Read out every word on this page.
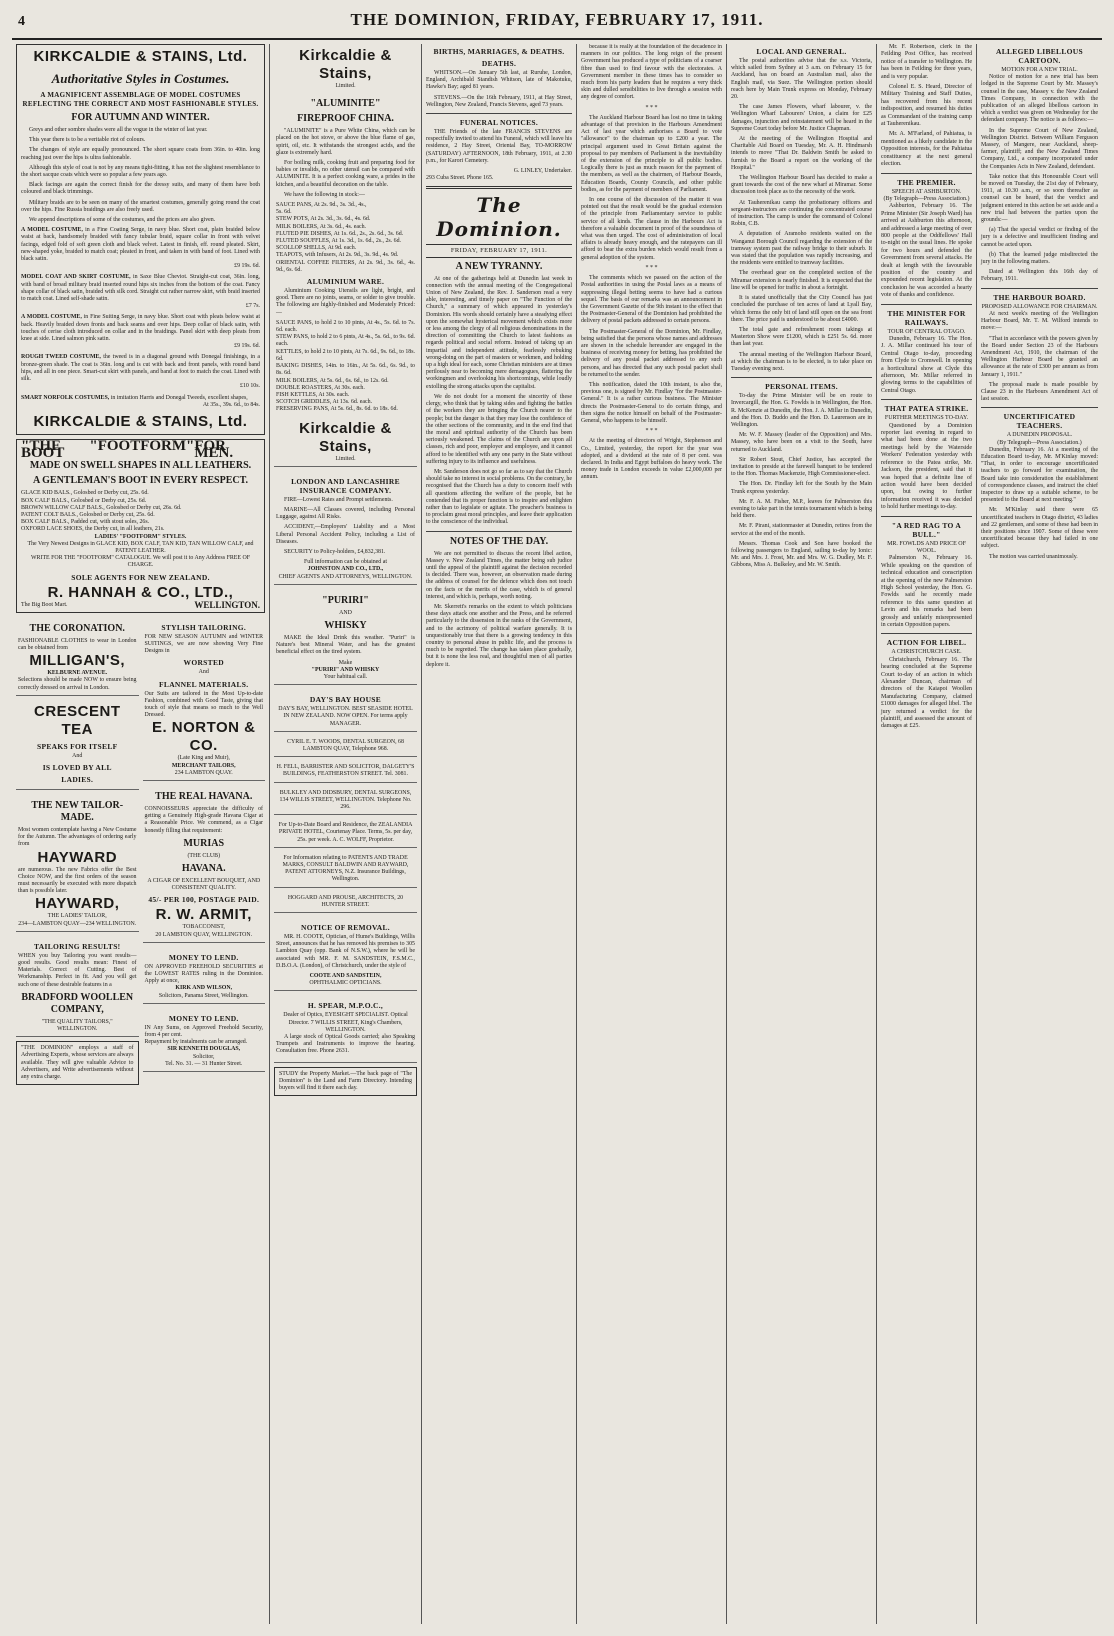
4	THE DOMINION, FRIDAY, FEBRUARY 17, 1911.
KIRKCALDIE & STAINS, Ltd.
Authoritative Styles in Costumes.
A MAGNIFICENT ASSEMBLAGE OF MODEL COSTUMES REFLECTING THE CORRECT AND MOST FASHIONABLE STYLES.
FOR AUTUMN AND WINTER.
Greys and other sombre shades were all the vogue in the winter of last year.
This year there is to be a veritable riot of colours.
The changes of style are equally pronounced. The short square coats from 36in. to 40in. long reaching just over the hips is ultra fashionable.
Although this style of coat is not by any means tight-fitting, it has not the slightest resemblance to the short sacque coats which were so popular a few years ago.
Black facings are again the correct finish for the dressy suits, and many of them have both coloured and black trimmings.
Military braids are to be seen on many of the smartest costumes, generally going round the coat over the hips. Fine Russia braidings are also freely used.
We append descriptions of some of the costumes, and the prices are also given.
A MODEL COSTUME, in a Fine Coating Serge, in navy blue. Short coat, plain braided below waist at back, handsomely braided with fancy tubular braid, square collar in front with velvet facings, edged fold of soft green cloth and black velvet. Latest in finish, eff. round pleated. Skirt, new-shaped yoke, braided to match coat; pleated in front, and taken in with band of foot. Lined with black satin.
£9 19s. 6d.
MODEL COAT AND SKIRT COSTUME, in Saxe Blue Cheviot. Straight-cut coat, 36in. long, with band of broad military braid inserted round hips six inches from the bottom of the coat. Fancy shape collar of black satin, braided with silk cord. Straight cut rather narrow skirt, with braid inserted to match coat. Lined self-shade satin.
£7 7s.
A MODEL COSTUME, in Fine Suiting Serge, in navy blue. Short coat with pleats below waist at back. Heavily braided down fronts and back seams and over hips. Deep collar of black satin, with touches of cerise cloth introduced on collar and in the braidings. Panel skirt with deep pleats from knee at side. Lined salmon pink satin.
£9 19s. 6d.
ROUGH TWEED COSTUME, the tweed is in a diagonal ground with Donegal finishings, in a bronze-green shade. The coat is 36in. long and is cut with back and front panels, with round band hips, and all in one piece. Smart-cut skirt with panels, and band at foot to match the coat. Lined with silk.
£10 10s.
SMART NORFOLK COSTUMES, in imitation Harris and Donegal Tweeds, excellent shapes,
At 35s., 39s. 6d., to 84s.
KIRKCALDIE & STAINS, Ltd.
"THE "FOOTFORM" BOOT	FOR MEN.
MADE ON SWELL SHAPES IN ALL LEATHERS.
A GENTLEMAN'S BOOT IN EVERY RESPECT.
GLACE KID BALS., Golosbed or Derby cut, 25s. 6d.
BOX CALF BALS., Golosbed or Derby cut, 25s. 6d.
BROWN WILLOW CALF BALS., Golosbed or Derby cut, 26s. 6d.
PATENT COLT BALS., Golosbed or Derby cut, 25s. 6d.
BOX CALF BALS., Padded cut, with stout soles, 26s.
OXFORD LACE SHOES, the Derby cut, in all leathers, 21s.
LADIES' "FOOTFORM" STYLES.
The Very Newest Designs in GLACE KID, BOX CALF, TAN KID, TAN WILLOW CALF, and PATENT LEATHER.
WRITE FOR THE "FOOTFORM" CATALOGUE. We will post it to Any Address FREE OF CHARGE.
SOLE AGENTS FOR NEW ZEALAND.
R. HANNAH & CO., LTD.,
The Big Boot Mart.	WELLINGTON.
THE CORONATION.
FASHIONABLE CLOTHES to wear in London can be obtained from
MILLIGAN'S,
KELBURNE AVENUE.
Selections should be made NOW to ensure being correctly dressed on arrival in London.
CRESCENT TEA
SPEAKS FOR ITSELF
And
IS LOVED BY ALL
LADIES.
THE NEW TAILOR-MADE.
Most women contemplate having a New Costume for the Autumn. The advantages of ordering early from
HAYWARD
are numerous. The new Fabrics offer the Best Choice NOW, and the first orders of the season must necessarily be executed with more dispatch than is possible later.
HAYWARD,
THE LADIES' TAILOR,
234—LAMBTON QUAY—234 WELLINGTON.
TAILORING RESULTS!
WHEN you buy Tailoring you want results—good results. Good results mean: Finest of Materials. Correct of Cutting. Best of Workmanship. Perfect in fit. And you will get such one of these desirable features in a
BRADFORD WOOLLEN COMPANY,
"THE QUALITY TAILORS,"
WELLINGTON.
"THE DOMINION" employs a staff of Advertising Experts, whose services are always available. They will give valuable Advice to Advertisers, and Write advertisements without any extra charge.
STYLISH TAILORING.
FOR NEW SEASON AUTUMN and WINTER SUITINGS, we are now showing Very Fine Designs in
WORSTED
And
FLANNEL MATERIALS.
Our Suits are tailored in the Most Up-to-date Fashion, combined with Good Taste, giving that touch of style that means so much to the Well Dressed.
E. NORTON & CO.
(Late King and Muir),
MERCHANT TAILORS,
234 LAMBTON QUAY.
THE REAL HAVANA.
CONNOISSEURS appreciate the difficulty of getting a Genuinely High-grade Havana Cigar at a Reasonable Price. We commend, as a Cigar honestly filling that requirement:
MURIAS
(THE CLUB)
HAVANA.
A CIGAR OF EXCELLENT BOUQUET, AND CONSISTENT QUALITY.
45/- PER 100, POSTAGE PAID.
R. W. ARMIT,
TOBACCONIST,
20 LAMBTON QUAY, WELLINGTON.
MONEY TO LEND.
ON APPROVED FREEHOLD SECURITIES at the LOWEST RATES ruling in the Dominion. Apply at once,
KIRK AND WILSON,
Solicitors, Panama Street, Wellington.
MONEY TO LEND.
IN Any Sums, on Approved Freehold Security, from 4 per cent.
Repayment by instalments can be arranged.
SIR KENNETH DOUGLAS,
Solicitor,
Tel. No. 31. — 31 Hunter Street.
Kirkcaldie & Stains,
Limited.
"ALUMINITE"
FIREPROOF CHINA.
"ALUMINITE" is a Pure White China, which can be placed on the hot stove, or above the blue flame of gas, spirit, oil, etc. It withstands the strongest acids, and the glaze is extremely hard.
For boiling milk, cooking fruit and preparing food for babies or invalids, no other utensil can be compared with ALUMINITE. It is a perfect cooking ware, a prides in the kitchen, and a beautiful decoration on the table.
We have the following in stock:—
SAUCE PANS, At 2s. 9d., 3s. 3d., 4s.,
5s. 6d.
STEW POTS, At 2s. 3d., 3s. 6d., 4s. 6d.
MILK BOILERS, At 3s. 6d., 4s. each.
FLUTED PIE DISHES, At 1s. 6d., 2s., 2s. 6d., 3s. 6d.
FLUTED SOUFFLES, At 1s. 3d., 1s. 6d., 2s., 2s. 6d.
SCOLLOP SHELLS, At 9d. each.
TEAPOTS, with Infusers, At 2s. 9d., 3s. 9d., 4s. 9d.
ORIENTAL COFFEE FILTERS, At 2s. 9d., 3s. 6d., 4s. 9d., 6s. 6d.
ALUMINIUM WARE.
Aluminium Cooking Utensils are light, bright, and good. There are no joints, seams, or solder to give trouble. The following are highly-finished and Moderately Priced:—
SAUCE PANS, to hold 2 to 10 pints, At 4s., 5s. 6d. to 7s. 6d. each.
STEW PANS, to hold 2 to 6 pints, At 4s., 5s. 6d., to 9s. 6d. each.
KETTLES, to hold 2 to 10 pints, At 7s. 6d., 9s. 6d., to 18s. 6d.
BAKING DISHES, 14in. to 16in., At 5s. 6d., 6s. 9d., to 8s. 6d.
MILK BOILERS, At 5s. 6d., 6s. 6d., to 12s. 6d.
DOUBLE ROASTERS, At 30s. each.
FISH KETTLES, At 30s. each.
SCOTCH GRIDDLES, At 13s. 6d. each.
FRESERVING PANS, At 5s. 6d., 8s. 6d. to 18s. 6d.
Kirkcaldie & Stains,
Limited.
LONDON AND LANCASHIRE INSURANCE COMPANY.
FIRE—Lowest Rates and Prompt settlements.
MARINE—All Classes covered, including Personal Luggage, against All Risks.
ACCIDENT,—Employers' Liability and a Most Liberal Personal Accident Policy, including a List of Diseases.
SECURITY to Policy-holders, £4,832,381.
Full information can be obtained at
JOHNSTON AND CO., LTD.,
CHIEF AGENTS AND ATTORNEYS, WELLINGTON.
"PURIRI"
AND
WHISKY
MAKE the Ideal Drink this weather. "Puriri" is Nature's best Mineral Water, and has the greatest beneficial effect on the tired system.
Make
"PURIRI" AND WHISKY
Your habitual call.
DAY'S BAY HOUSE
DAY'S BAY, WELLINGTON. BEST SEASIDE HOTEL IN NEW ZEALAND. NOW OPEN. For terms apply MANAGER.
CYRIL E. T. WOODS, DENTAL SURGEON, 68 LAMBTON QUAY, Telephone 968.
H. FELL, BARRISTER AND SOLICITOR, DALGETY'S BUILDINGS, FEATHERSTON STREET. Tel. 3081.
BULKLEY AND DIDSBURY, DENTAL SURGEONS, 134 WILLIS STREET, WELLINGTON. Telephone No. 296.
For Up-to-Date Board and Residence, the ZEALANDIA PRIVATE HOTEL, Courtenay Place. Terms, 5s. per day, 25s. per week. A. C. WOLFF, Proprietor.
For Information relating to PATENTS AND TRADE MARKS, CONSULT BALDWIN AND RAYWARD, PATENT ATTORNEYS, N.Z. Insurance Buildings, Wellington.
HOGGARD AND PROUSE, ARCHITECTS, 20 HUNTER STREET.
NOTICE OF REMOVAL.
MR. H. COOTE, Optician, of Hume's Buildings, Willis Street, announces that he has removed his premises to 305 Lambton Quay (opp. Bank of N.S.W.), where he will be associated with MR. F. M. SANDSTEIN, F.S.M.C., D.B.O.A. (London), of Christchurch, under the style of
COOTE AND SANDSTEIN,
OPHTHALMIC OPTICIANS.
H. SPEAR, M.P.O.C.,
Dealer of Optics, EYESIGHT SPECIALIST. Optical Director. 7 WILLIS STREET, King's Chambers, WELLINGTON.
A large stock of Optical Goods carried; also Speaking Trumpets and Instruments to improve the hearing. Consultation free. Phone 2631.
STUDY the Property Market.—The back page of "The Dominion" is the Land and Farm Directory. Intending buyers will find it there each day.
BIRTHS, MARRIAGES, & DEATHS.
DEATHS.
WHITSON.—On January 5th last, at Ruruhe, London, England, Archibald Standish Whitson, late of Makotuku, Hawke's Bay; aged 81 years.
STEVENS.—On the 16th February, 1911, at Hay Street, Wellington, New Zealand, Francis Stevens, aged 73 years.
FUNERAL NOTICES.
THE Friends of the late FRANCIS STEVENS are respectfully invited to attend his Funeral, which will leave his residence, 2 Hay Street, Oriental Bay, TO-MORROW (SATURDAY) AFTERNOON, 18th February, 1911, at 2.30 p.m., for Karori Cemetery.
G. LINLEY, Undertaker.
293 Cuba Street. Phone 165.
The Dominion.
FRIDAY, FEBRUARY 17, 1911.
A NEW TYRANNY.
At one of the gatherings held at Dunedin last week in connection with the annual meeting of the Congregational Union of New Zealand, the Rev. J. Sanderson read a very able, interesting, and timely paper on "The Function of the Church," a summary of which appeared in yesterday's Dominion. His words should certainly have a steadying effect upon the somewhat hysterical movement which exists more or less among the clergy of all religious denominations in the direction of committing the Church to latest fashions as regards political and social reform. Instead of taking up an impartial and independent attitude, fearlessly rebuking wrong-doing on the part of masters or workmen, and holding up a high ideal for each, some Christian ministers are at times perilously near to becoming mere demagogues, flattering the workingmen and overlooking his shortcomings, while loudly extolling the strong attacks upon the capitalist.
We do not doubt for a moment the sincerity of these clergy, who think that by taking sides and fighting the battles of the workers they are bringing the Church nearer to the people; but the danger is that they may lose the confidence of the other sections of the community, and in the end find that the moral and spiritual authority of the Church has been seriously weakened. The claims of the Church are upon all classes, rich and poor, employer and employee, and it cannot afford to be identified with any one party in the State without suffering injury to its influence and usefulness.
Mr. Sanderson does not go so far as to say that the Church should take no interest in social problems. On the contrary, he recognised that the Church has a duty to concern itself with all questions affecting the welfare of the people, but he contended that its proper function is to inspire and enlighten rather than to legislate or agitate. The preacher's business is to proclaim great moral principles, and leave their application to the conscience of the individual.
NOTES OF THE DAY.
We are not permitted to discuss the recent libel action, Massey v. New Zealand Times, the matter being sub judice until the appeal of the plaintiff against the decision recorded is decided. There was, however, an observation made during the address of counsel for the defence which does not touch on the facts or the merits of the case, which is of general interest, and which is, perhaps, worth noting.
Mr. Skerrett's remarks on the extent to which politicians these days attack one another and the Press, and he referred particularly to the dissension in the ranks of the Government, and to the acrimony of political warfare generally. It is unquestionably true that there is a growing tendency in this country to personal abuse in public life, and the process is much to be regretted. The change has taken place gradually, but it is none the less real, and thoughtful men of all parties deplore it.
because it is really at the foundation of the decadence in manners in our politics. The long reign of the present Government has produced a type of politicians of a coarser fibre than used to find favour with the electorates. A Government member in these times has to consider so much from his party leaders that he requires a very thick skin and dulled sensibilities to live through a session with any degree of comfort.
* * *
The Auckland Harbour Board has lost no time in taking advantage of that provision in the Harbours Amendment Act of last year which authorises a Board to vote "allowance" to the chairman up to £200 a year. The principal argument used in Great Britain against the proposal to pay members of Parliament is the inevitability of the extension of the principle to all public bodies. Logically there is just as much reason for the payment of the members, as well as the chairmen, of Harbour Boards, Education Boards, County Councils, and other public bodies, as for the payment of members of Parliament.
In one course of the discussion of the matter it was pointed out that the result would be the gradual extension of the principle from Parliamentary service to public service of all kinds. The clause in the Harbours Act is therefore a valuable document in proof of the soundness of what was then urged. The cost of administration of local affairs is already heavy enough, and the ratepayers can ill afford to bear the extra burden which would result from a general adoption of the system.
* * *
The comments which we passed on the action of the Postal authorities in using the Postal laws as a means of suppressing illegal betting seems to have had a curious sequel. The basis of our remarks was an announcement in the Government Gazette of the 9th instant to the effect that the Postmaster-General of the Dominion had prohibited the delivery of postal packets addressed to certain persons.
The Postmaster-General of the Dominion, Mr. Findlay, being satisfied that the persons whose names and addresses are shown in the schedule hereunder are engaged in the business of receiving money for betting, has prohibited the delivery of any postal packet addressed to any such persons, and has directed that any such postal packet shall be returned to the sender.
This notification, dated the 10th instant, is also the, previous one, is signed by Mr. Findlay "for the Postmaster-General." It is a rather curious business. The Minister directs the Postmaster-General to do certain things, and then signs the notice himself on behalf of the Postmaster-General, who happens to be himself.
* * *
At the meeting of directors of Wright, Stephenson and Co., Limited, yesterday, the report for the year was adopted, and a dividend at the rate of 8 per cent. was declared. In India and Egypt buffaloes do heavy work. The money trade in London exceeds in value £2,000,000 per annum.
LOCAL AND GENERAL.
The postal authorities advise that the s.s. Victoria, which sailed from Sydney at 3 a.m. on February 15 for Auckland, has on board an Australian mail, also the English mail, via Suez. The Wellington portion should reach here by Main Trunk express on Monday, February 20.
The case James Flowers, wharf labourer, v. the Wellington Wharf Labourers' Union, a claim for £25 damages, injunction and reinstatement will be heard in the Supreme Court today before Mr. Justice Chapman.
At the meeting of the Wellington Hospital and Charitable Aid Board on Tuesday, Mr. A. H. Hindmarsh intends to move "That Dr. Baldwin Smith be asked to furnish to the Board a report on the working of the Hospital."
The Wellington Harbour Board has decided to make a grant towards the cost of the new wharf at Miramar. Some discussion took place as to the necessity of the work.
At Tauherenikau camp the probationary officers and sergeant-instructors are continuing the concentrated course of instruction. The camp is under the command of Colonel Robin, C.B.
A deputation of Aramoho residents waited on the Wanganui Borough Council regarding the extension of the tramway system past the railway bridge to their suburb. It was stated that the population was rapidly increasing, and the residents were entitled to tramway facilities.
The overhead gear on the completed section of the Miramar extension is nearly finished. It is expected that the line will be opened for traffic in about a fortnight.
It is stated unofficially that the City Council has just concluded the purchase of ten acres of land at Lyall Bay, which forms the only bit of land still open on the sea front there. The price paid is understood to be about £4000.
The total gate and refreshment room takings at Masterton Show were £1200, which is £251 5s. 6d. more than last year.
The annual meeting of the Wellington Harbour Board, at which the chairman is to be elected, is to take place on Tuesday evening next.
PERSONAL ITEMS.
To-day the Prime Minister will be en route to Invercargill, the Hon. G. Fowlds is in Wellington, the Hon. R. McKenzie at Dunedin, the Hon. J. A. Millar in Dunedin, and the Hon. D. Buddo and the Hon. D. Laurenson are in Wellington.
Mr. W. F. Massey (leader of the Opposition) and Mrs. Massey, who have been on a visit to the South, have returned to Auckland.
Sir Robert Stout, Chief Justice, has accepted the invitation to preside at the farewell banquet to be tendered to the Hon. Thomas Mackenzie, High Commissioner-elect.
The Hon. Dr. Findlay left for the South by the Main Trunk express yesterday.
Mr. F. A. M. Fisher, M.P., leaves for Palmerston this evening to take part in the tennis tournament which is being held there.
Mr. F. Pirani, stationmaster at Dunedin, retires from the service at the end of the month.
Messrs. Thomas Cook and Son have booked the following passengers to England, sailing to-day by Ionic: Mr. and Mrs. J. Frost, Mr. and Mrs. W. G. Dudley, Mr. F. Gibbons, Miss A. Bulkeley, and Mr. W. Smith.
Mr. F. Robertson, clerk in the Feilding Post Office, has received notice of a transfer to Wellington. He has been in Feilding for three years, and is very popular.
Colonel E. S. Heard, Director of Military Training and Staff Duties, has recovered from his recent indisposition, and resumed his duties as Commandant of the training camp at Tauherenikau.
Mr. A. M'Farland, of Pahiatua, is mentioned as a likely candidate in the Opposition interests, for the Pahiatua constituency at the next general election.
THE PREMIER.
SPEECH AT ASHBURTON.
(By Telegraph—Press Association.)
Ashburton, February 16. The Prime Minister (Sir Joseph Ward) has arrived at Ashburton this afternoon, and addressed a large meeting of over 800 people at the Oddfellows' Hall to-night on the usual lines. He spoke for two hours and defended the Government from several attacks. He dealt at length with the favourable position of the country and expounded recent legislation. At the conclusion he was accorded a hearty vote of thanks and confidence.
THE MINISTER FOR RAILWAYS.
TOUR OF CENTRAL OTAGO.
Dunedin, February 16. The Hon. J. A. Millar continued his tour of Central Otago to-day, proceeding from Clyde to Cromwell. In opening a horticultural show at Clyde this afternoon, Mr. Millar referred in glowing terms to the capabilities of Central Otago.
THAT PATEA STRIKE.
FURTHER MEETINGS TO-DAY.
Questioned by a Dominion reporter last evening in regard to what had been done at the two meetings held by the Waterside Workers' Federation yesterday with reference to the Patea strike, Mr. Jackson, the president, said that it was hoped that a definite line of action would have been decided upon, but owing to further information received it was decided to hold further meetings to-day.
"A RED RAG TO A BULL."
MR. FOWLDS AND PRICE OF WOOL.
Palmerston N., February 16. While speaking on the question of technical education and conscription at the opening of the new Palmerston High School yesterday, the Hon. G. Fowlds said he recently made reference to this same question at Levin and his remarks had been grossly and unfairly misrepresented in certain Opposition papers.
ACTION FOR LIBEL.
A CHRISTCHURCH CASE.
Christchurch, February 16. The hearing concluded at the Supreme Court to-day of an action in which Alexander Duncan, chairman of directors of the Kaiapoi Woollen Manufacturing Company, claimed £1000 damages for alleged libel. The jury returned a verdict for the plaintiff, and assessed the amount of damages at £25.
ALLEGED LIBELLOUS CARTOON.
MOTION FOR A NEW TRIAL.
Notice of motion for a new trial has been lodged in the Supreme Court by Mr. Massey's counsel in the case, Massey v. the New Zealand Times Company, in connection with the publication of an alleged libellous cartoon in which a verdict was given on Wednesday for the defendant company. The notice is as follows:—
In the Supreme Court of New Zealand, Wellington District. Between William Ferguson Massey, of Mangere, near Auckland, sheep-farmer, plaintiff; and the New Zealand Times Company, Ltd., a company incorporated under the Companies Acts in New Zealand, defendant.
Take notice that this Honourable Court will be moved on Tuesday, the 21st day of February, 1911, at 10.30 a.m., or so soon thereafter as counsel can be heard, that the verdict and judgment entered in this action be set aside and a new trial had between the parties upon the grounds:—
(a) That the special verdict or finding of the jury is a defective and insufficient finding and cannot be acted upon.
(b) That the learned judge misdirected the jury in the following matters.
Dated at Wellington this 16th day of February, 1911.
THE HARBOUR BOARD.
PROPOSED ALLOWANCE FOR CHAIRMAN.
At next week's meeting of the Wellington Harbour Board, Mr. T. M. Wilford intends to move:—
"That in accordance with the powers given by the Board under Section 23 of the Harbours Amendment Act, 1910, the chairman of the Wellington Harbour Board be granted an allowance at the rate of £300 per annum as from January 1, 1911."
The proposal made is made possible by Clause 23 in the Harbours Amendment Act of last session.
UNCERTIFICATED TEACHERS.
A DUNEDIN PROPOSAL.
(By Telegraph—Press Association.)
Dunedin, February 16. At a meeting of the Education Board to-day, Mr. M'Kinlay moved: "That, in order to encourage uncertificated teachers to go forward for examination, the Board take into consideration the establishment of correspondence classes, and instruct the chief inspector to draw up a suitable scheme, to be presented to the Board at next meeting."
Mr. M'Kinlay said there were 65 uncertificated teachers in Otago district, 43 ladies and 22 gentlemen, and some of these had been in their positions since 1907. Some of these were uncertificated because they had failed in one subject.
The motion was carried unanimously.
